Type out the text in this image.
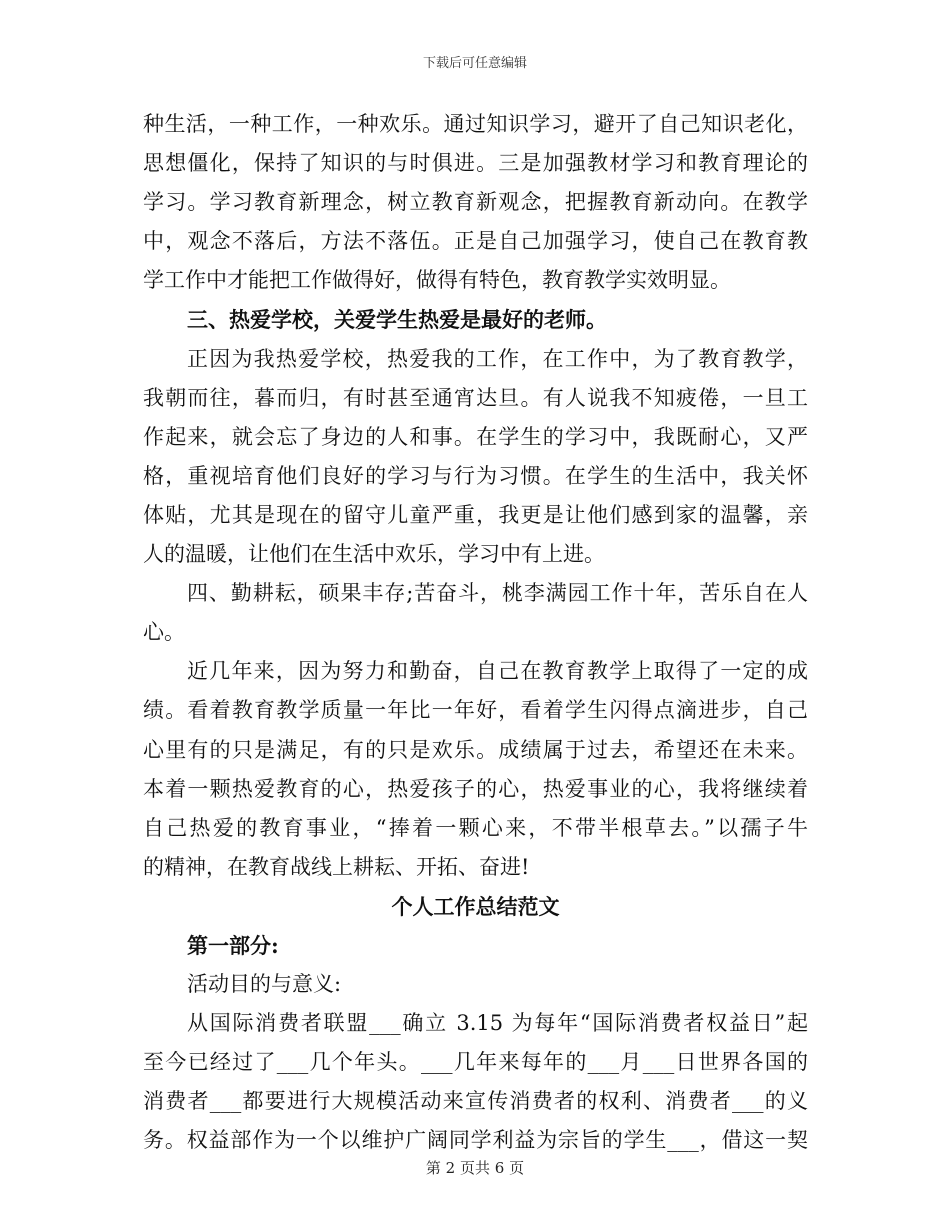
下载后可任意编辑
种生活，一种工作，一种欢乐。通过知识学习，避开了自己知识老化，
思想僵化，保持了知识的与时俱进。三是加强教材学习和教育理论的
学习。学习教育新理念，树立教育新观念，把握教育新动向。在教学
中，观念不落后，方法不落伍。正是自己加强学习，使自己在教育教
学工作中才能把工作做得好，做得有特色，教育教学实效明显。
三、热爱学校，关爱学生热爱是最好的老师。
正因为我热爱学校，热爱我的工作，在工作中，为了教育教学，
我朝而往，暮而归，有时甚至通宵达旦。有人说我不知疲倦，一旦工
作起来，就会忘了身边的人和事。在学生的学习中，我既耐心，又严
格，重视培育他们良好的学习与行为习惯。在学生的生活中，我关怀
体贴，尤其是现在的留守儿童严重，我更是让他们感到家的温馨，亲
人的温暖，让他们在生活中欢乐，学习中有上进。
四、勤耕耘，硕果丰存;苦奋斗，桃李满园工作十年，苦乐自在人
心。
近几年来，因为努力和勤奋，自己在教育教学上取得了一定的成
绩。看着教育教学质量一年比一年好，看着学生闪得点滴进步，自己
心里有的只是满足，有的只是欢乐。成绩属于过去，希望还在未来。
本着一颗热爱教育的心，热爱孩子的心，热爱事业的心，我将继续着
自己热爱的教育事业，“捧着一颗心来，不带半根草去。”以孺子牛
的精神，在教育战线上耕耘、开拓、奋进!
个人工作总结范文
第一部分:
活动目的与意义:
从国际消费者联盟___确立 3.15 为每年“国际消费者权益日”起
至今已经过了___几个年头。___几年来每年的___月___日世界各国的
消费者___都要进行大规模活动来宣传消费者的权利、消费者___的义
务。权益部作为一个以维护广阔同学利益为宗旨的学生___，借这一契
第 2 页共 6 页
